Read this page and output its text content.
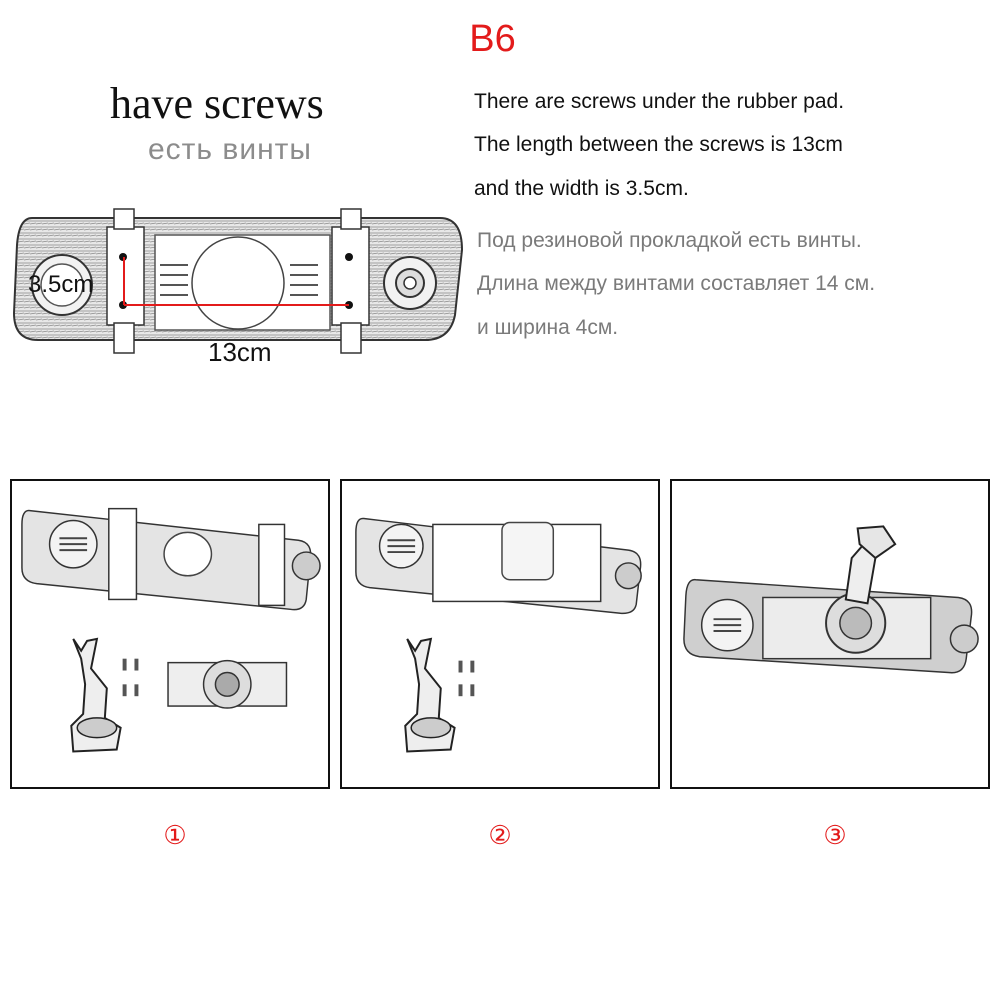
B6
have screws
есть винты
There are screws under the rubber pad.
The length between the screws is 13cm
and the width is 3.5cm.
Под резиновой прокладкой есть винты.
Длина между винтами составляет 14 см.
и ширина 4cм.
3.5cm
13cm
①	②	③
